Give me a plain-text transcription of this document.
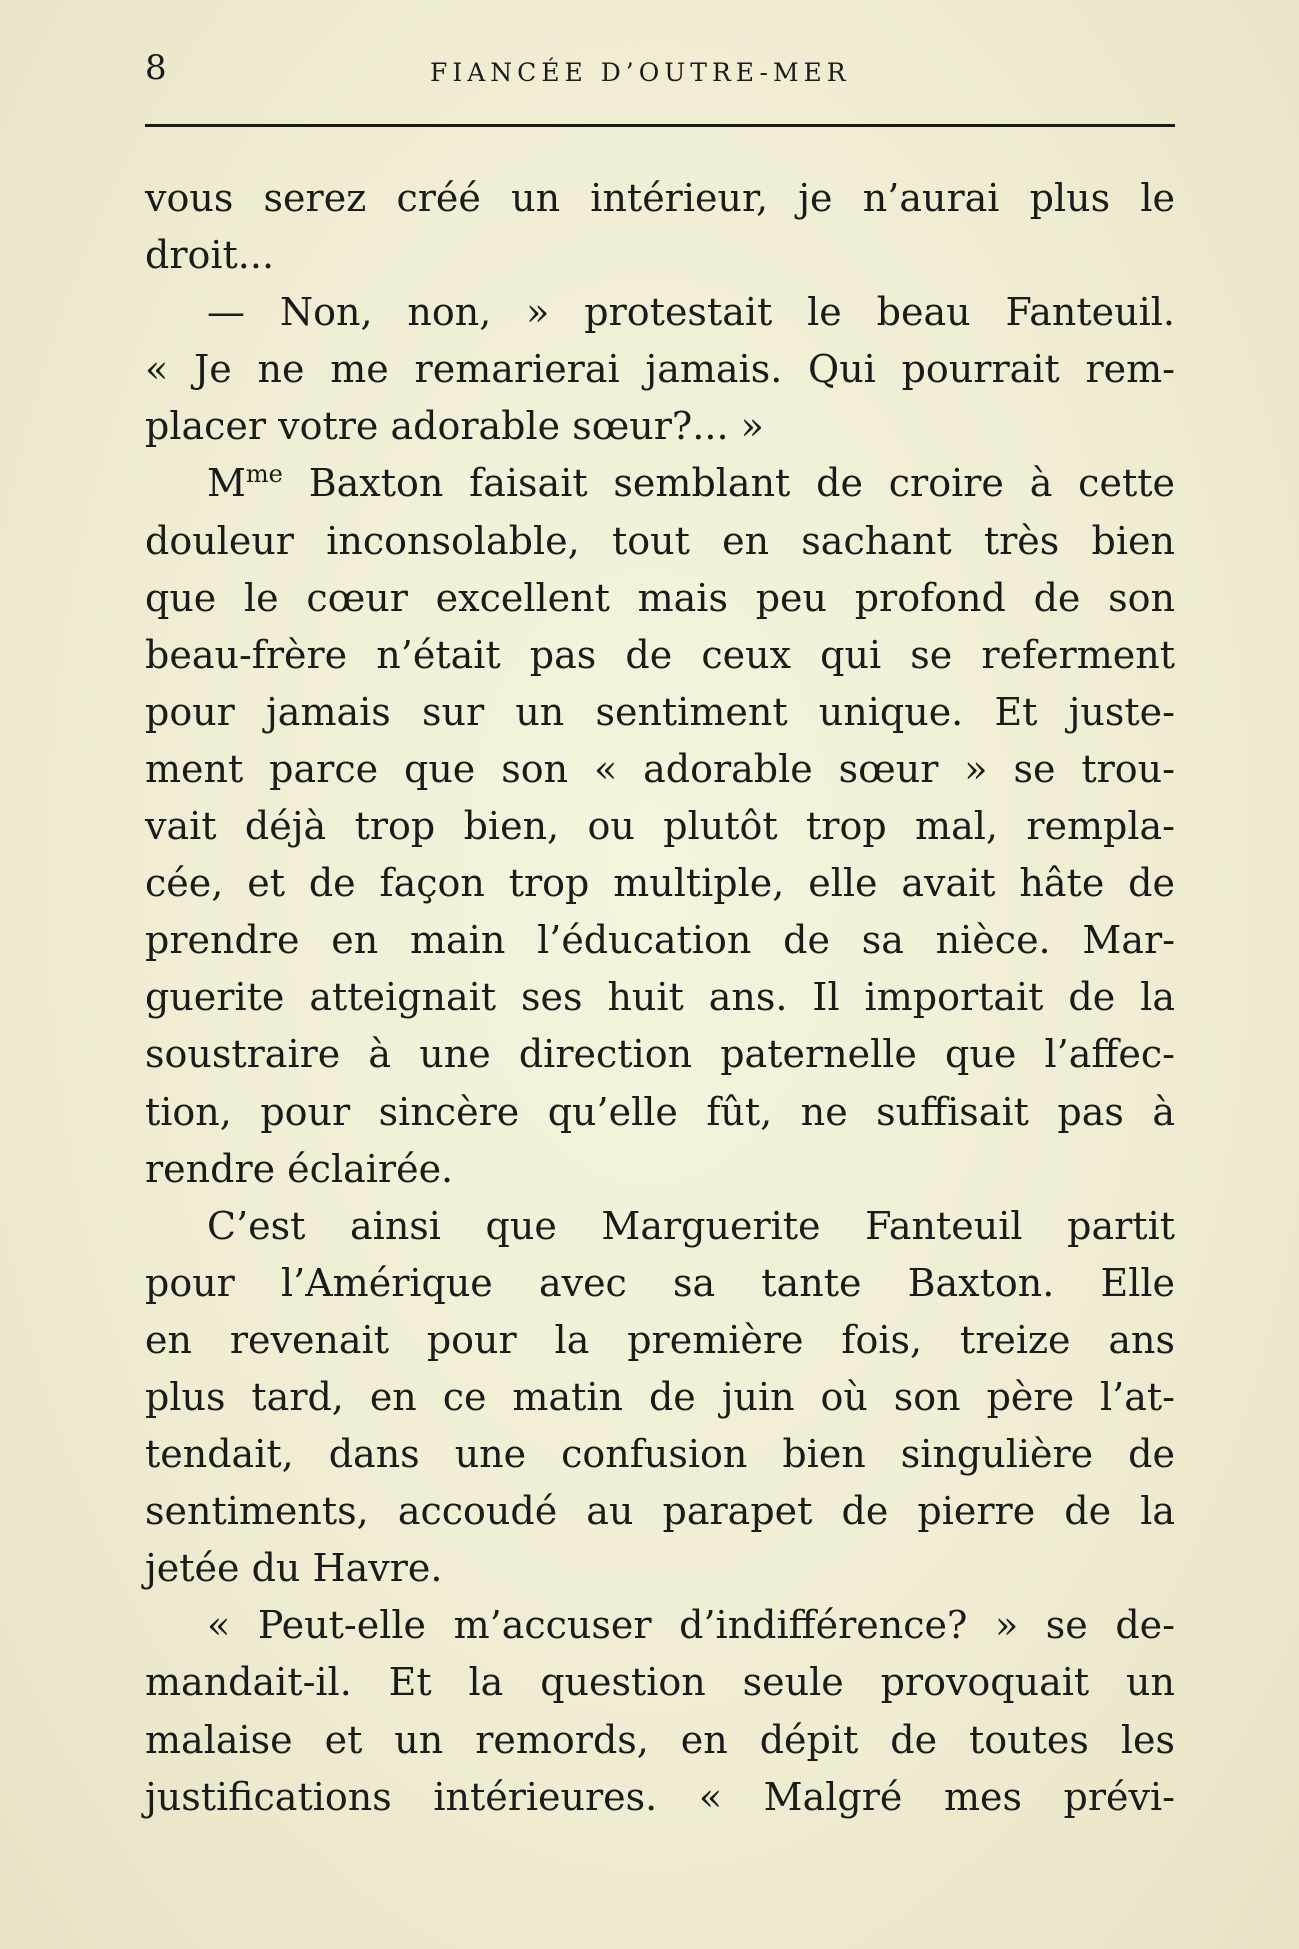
8	FIANCÉE D’OUTRE-MER
vous serez créé un intérieur, je n’aurai plus le
droit...
— Non, non, » protestait le beau Fanteuil.
« Je ne me remarierai jamais. Qui pourrait rem-
placer votre adorable sœur?... »
$M^{me}$ Baxton faisait semblant de croire à cette
douleur inconsolable, tout en sachant très bien
que le cœur excellent mais peu profond de son
beau-frère n’était pas de ceux qui se referment
pour jamais sur un sentiment unique. Et juste-
ment parce que son « adorable sœur » se trou-
vait déjà trop bien, ou plutôt trop mal, rempla-
cée, et de façon trop multiple, elle avait hâte de
prendre en main l’éducation de sa nièce. Mar-
guerite atteignait ses huit ans. Il importait de la
soustraire à une direction paternelle que l’affec-
tion, pour sincère qu’elle fût, ne suffisait pas à
rendre éclairée.
C’est ainsi que Marguerite Fanteuil partit
pour l’Amérique avec sa tante Baxton. Elle
en revenait pour la première fois, treize ans
plus tard, en ce matin de juin où son père l’at-
tendait, dans une confusion bien singulière de
sentiments, accoudé au parapet de pierre de la
jetée du Havre.
« Peut-elle m’accuser d’indifférence? » se de-
mandait-il. Et la question seule provoquait un
malaise et un remords, en dépit de toutes les
justifications intérieures. « Malgré mes prévi-
